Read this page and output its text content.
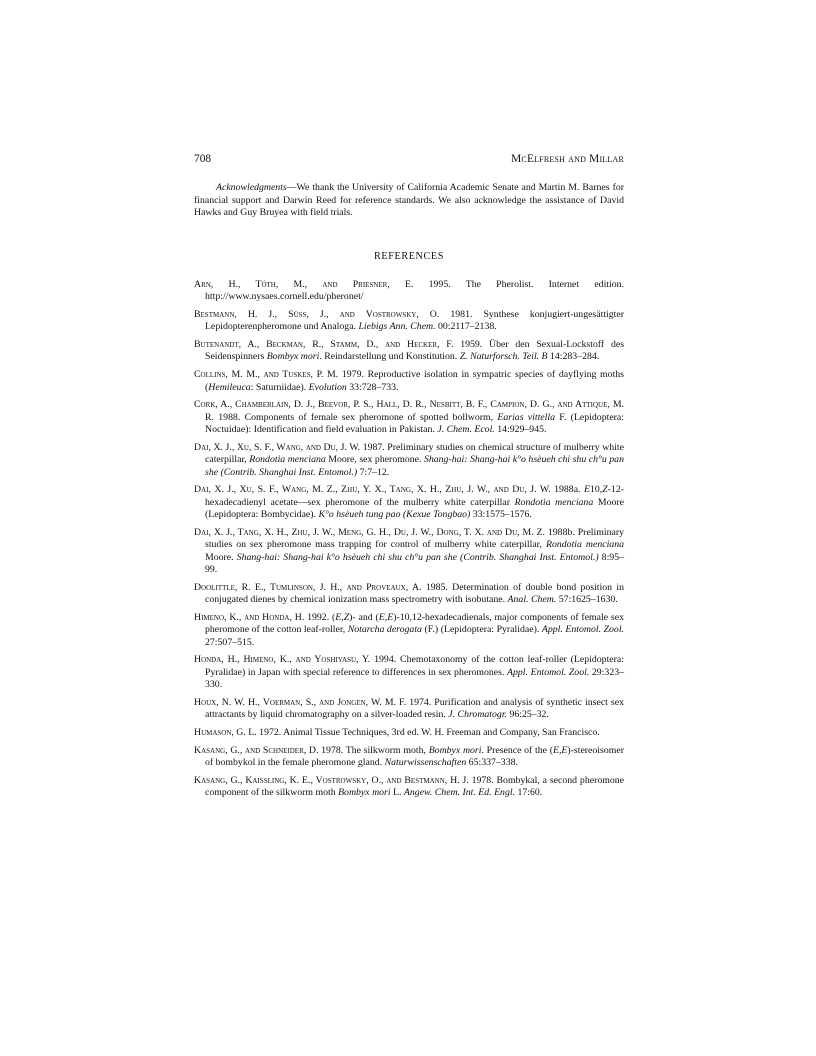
708	McElfresh and Millar

Acknowledgments—We thank the University of California Academic Senate and Martin M. Barnes for financial support and Darwin Reed for reference standards. We also acknowledge the assistance of David Hawks and Guy Bruyea with field trials.

REFERENCES
Arn, H., Tóth, M., and Priesner, E. 1995. The Pherolist. Internet edition. http://www.nysaes.cornell.edu/pheronet/
Bestmann, H. J., Süss, J., and Vostrowsky, O. 1981. Synthese konjugiert-ungesättigter Lepidopterenpheromone und Analoga. Liebigs Ann. Chem. 00:2117–2138.
Butenandt, A., Beckman, R., Stamm, D., and Hecker, F. 1959. Über den Sexual-Lockstoff des Seidenspinners Bombyx mori. Reindarstellung und Konstitution. Z. Naturforsch. Teil. B 14:283–284.
Collins, M. M., and Tuskes, P. M. 1979. Reproductive isolation in sympatric species of dayflying moths (Hemileuca: Saturniidae). Evolution 33:728–733.
Cork, A., Chamberlain, D. J., Beevor, P. S., Hall, D. R., Nesbitt, B. F., Campion, D. G., and Attique, M. R. 1988. Components of female sex pheromone of spotted bollworm, Earias vittella F. (Lepidoptera: Noctuidae): Identification and field evaluation in Pakistan. J. Chem. Ecol. 14:929–945.
Dai, X. J., Xu, S. F., Wang, and Du, J. W. 1987. Preliminary studies on chemical structure of mulberry white caterpillar, Rondotia menciana Moore, sex pheromone. Shang-hai: Shang-hai k°o hsèueh chi shu ch°u pan she (Contrib. Shanghai Inst. Entomol.) 7:7–12.
Dai, X. J., Xu, S. F., Wang, M. Z., Zhu, Y. X., Tang, X. H., Zhu, J. W., and Du, J. W. 1988a. E10,Z-12-hexadecadienyl acetate—sex pheromone of the mulberry white caterpillar Rondotia menciana Moore (Lepidoptera: Bombycidae). K°o hsèueh tung pao (Kexue Tongbao) 33:1575–1576.
Dai, X. J., Tang, X. H., Zhu, J. W., Meng, G. H., Du, J. W., Dong, T. X. and Du, M. Z. 1988b. Preliminary studies on sex pheromone mass trapping for control of mulberry white caterpillar, Rondotia menciana Moore. Shang-hai: Shang-hai k°o hsèueh chi shu ch°u pan she (Contrib. Shanghai Inst. Entomol.) 8:95–99.
Doolittle, R. E., Tumlinson, J. H., and Proveaux, A. 1985. Determination of double bond position in conjugated dienes by chemical ionization mass spectrometry with isobutane. Anal. Chem. 57:1625–1630.
Himeno, K., and Honda, H. 1992. (E,Z)- and (E,E)-10,12-hexadecadienals, major components of female sex pheromone of the cotton leaf-roller, Notarcha derogata (F.) (Lepidoptera: Pyralidae). Appl. Entomol. Zool. 27:507–515.
Honda, H., Himeno, K., and Yoshiyasu, Y. 1994. Chemotaxonomy of the cotton leaf-roller (Lepidoptera: Pyralidae) in Japan with special reference to differences in sex pheromones. Appl. Entomol. Zool. 29:323–330.
Houx, N. W. H., Voerman, S., and Jongen, W. M. F. 1974. Purification and analysis of synthetic insect sex attractants by liquid chromatography on a silver-loaded resin. J. Chromatogr. 96:25–32.
Humason, G. L. 1972. Animal Tissue Techniques, 3rd ed. W. H. Freeman and Company, San Francisco.
Kasang, G., and Schneider, D. 1978. The silkworm moth, Bombyx mori. Presence of the (E,E)-stereoisomer of bombykol in the female pheromone gland. Naturwissenschaften 65:337–338.
Kasang, G., Kaissling, K. E., Vostrowsky, O., and Bestmann, H. J. 1978. Bombykal, a second pheromone component of the silkworm moth Bombyx mori L. Angew. Chem. Int. Ed. Engl. 17:60.
